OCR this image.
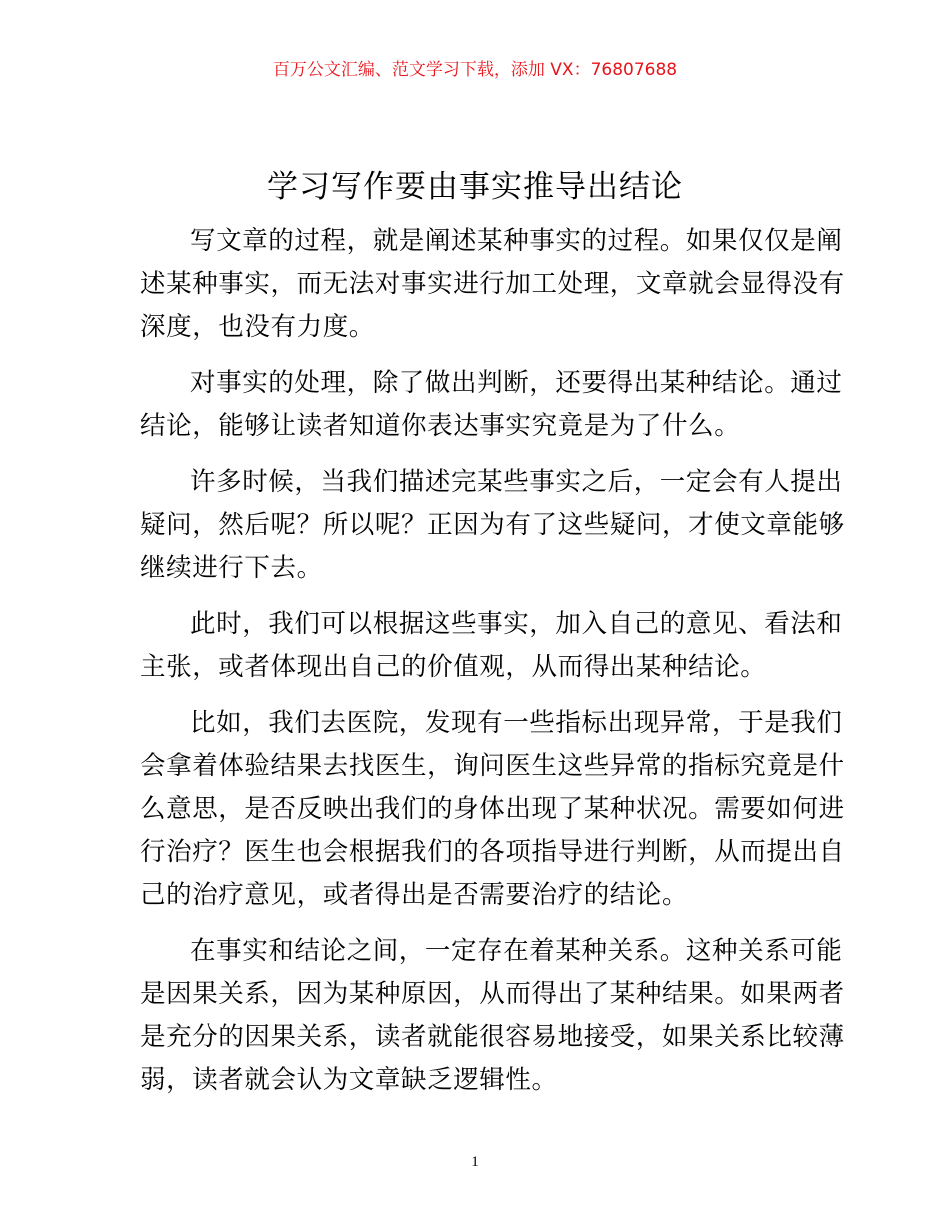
百万公文汇编、范文学习下载，添加 VX：76807688
学习写作要由事实推导出结论
写文章的过程，就是阐述某种事实的过程。如果仅仅是阐
述某种事实，而无法对事实进行加工处理，文章就会显得没有
深度，也没有力度。
对事实的处理，除了做出判断，还要得出某种结论。通过
结论，能够让读者知道你表达事实究竟是为了什么。
许多时候，当我们描述完某些事实之后，一定会有人提出
疑问，然后呢？所以呢？正因为有了这些疑问，才使文章能够
继续进行下去。
此时，我们可以根据这些事实，加入自己的意见、看法和
主张，或者体现出自己的价值观，从而得出某种结论。
比如，我们去医院，发现有一些指标出现异常，于是我们
会拿着体验结果去找医生，询问医生这些异常的指标究竟是什
么意思，是否反映出我们的身体出现了某种状况。需要如何进
行治疗？医生也会根据我们的各项指导进行判断，从而提出自
己的治疗意见，或者得出是否需要治疗的结论。
在事实和结论之间，一定存在着某种关系。这种关系可能
是因果关系，因为某种原因，从而得出了某种结果。如果两者
是充分的因果关系，读者就能很容易地接受，如果关系比较薄
弱，读者就会认为文章缺乏逻辑性。
1
